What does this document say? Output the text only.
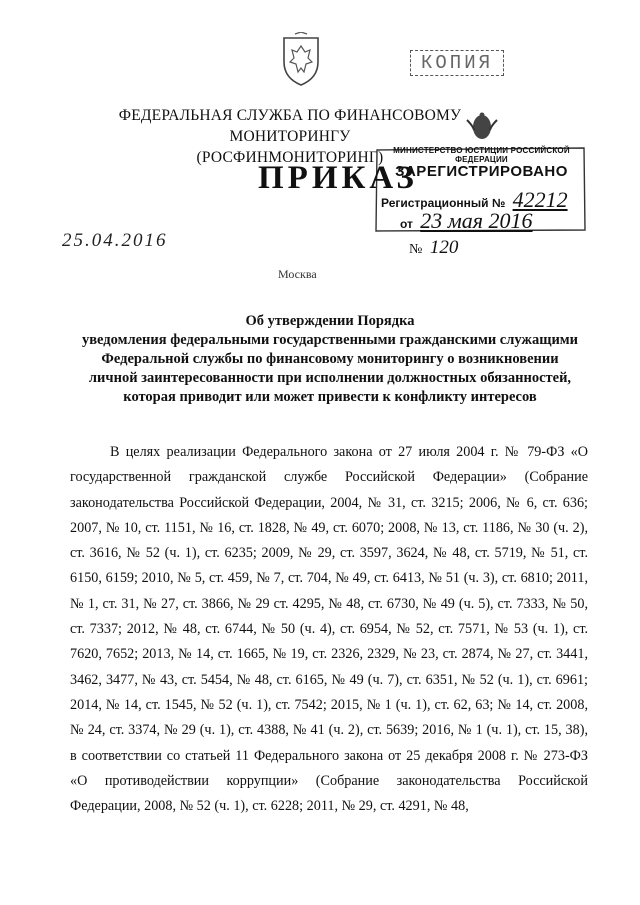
КОПИЯ
ФЕДЕРАЛЬНАЯ СЛУЖБА ПО ФИНАНСОВОМУ МОНИТОРИНГУ
(РОСФИНМОНИТОРИНГ)	МИНИСТЕРСТВО ЮСТИЦИИ РОССИЙСКОЙ ФЕДЕРАЦИИ
ЗАРЕГИСТРИРОВАНО
Регистрационный № 42212
от 23 мая 2016
ПРИКАЗ
25.04.2016	№ 120
Москва
Об утверждении Порядка
уведомления федеральными государственными гражданскими служащими
Федеральной службы по финансовому мониторингу о возникновении
личной заинтересованности при исполнении должностных обязанностей,
которая приводит или может привести к конфликту интересов

В целях реализации Федерального закона от 27 июля 2004 г. № 79-ФЗ «О государственной гражданской службе Российской Федерации» (Собрание законодательства Российской Федерации, 2004, № 31, ст. 3215; 2006, № 6, ст. 636; 2007, № 10, ст. 1151, № 16, ст. 1828, № 49, ст. 6070; 2008, № 13, ст. 1186, № 30 (ч. 2), ст. 3616, № 52 (ч. 1), ст. 6235; 2009, № 29, ст. 3597, 3624, № 48, ст. 5719, № 51, ст. 6150, 6159; 2010, № 5, ст. 459, № 7, ст. 704, № 49, ст. 6413, № 51 (ч. 3), ст. 6810; 2011, № 1, ст. 31, № 27, ст. 3866, № 29 ст. 4295, № 48, ст. 6730, № 49 (ч. 5), ст. 7333, № 50, ст. 7337; 2012, № 48, ст. 6744, № 50 (ч. 4), ст. 6954, № 52, ст. 7571, № 53 (ч. 1), ст. 7620, 7652; 2013, № 14, ст. 1665, № 19, ст. 2326, 2329, № 23, ст. 2874, № 27, ст. 3441, 3462, 3477, № 43, ст. 5454, № 48, ст. 6165, № 49 (ч. 7), ст. 6351, № 52 (ч. 1), ст. 6961; 2014, № 14, ст. 1545, № 52 (ч. 1), ст. 7542; 2015, № 1 (ч. 1), ст. 62, 63; № 14, ст. 2008, № 24, ст. 3374, № 29 (ч. 1), ст. 4388, № 41 (ч. 2), ст. 5639; 2016, № 1 (ч. 1), ст. 15, 38), в соответствии со статьей 11 Федерального закона от 25 декабря 2008 г. № 273-ФЗ «О противодействии коррупции» (Собрание законодательства Российской Федерации, 2008, № 52 (ч. 1), ст. 6228; 2011, № 29, ст. 4291, № 48,
